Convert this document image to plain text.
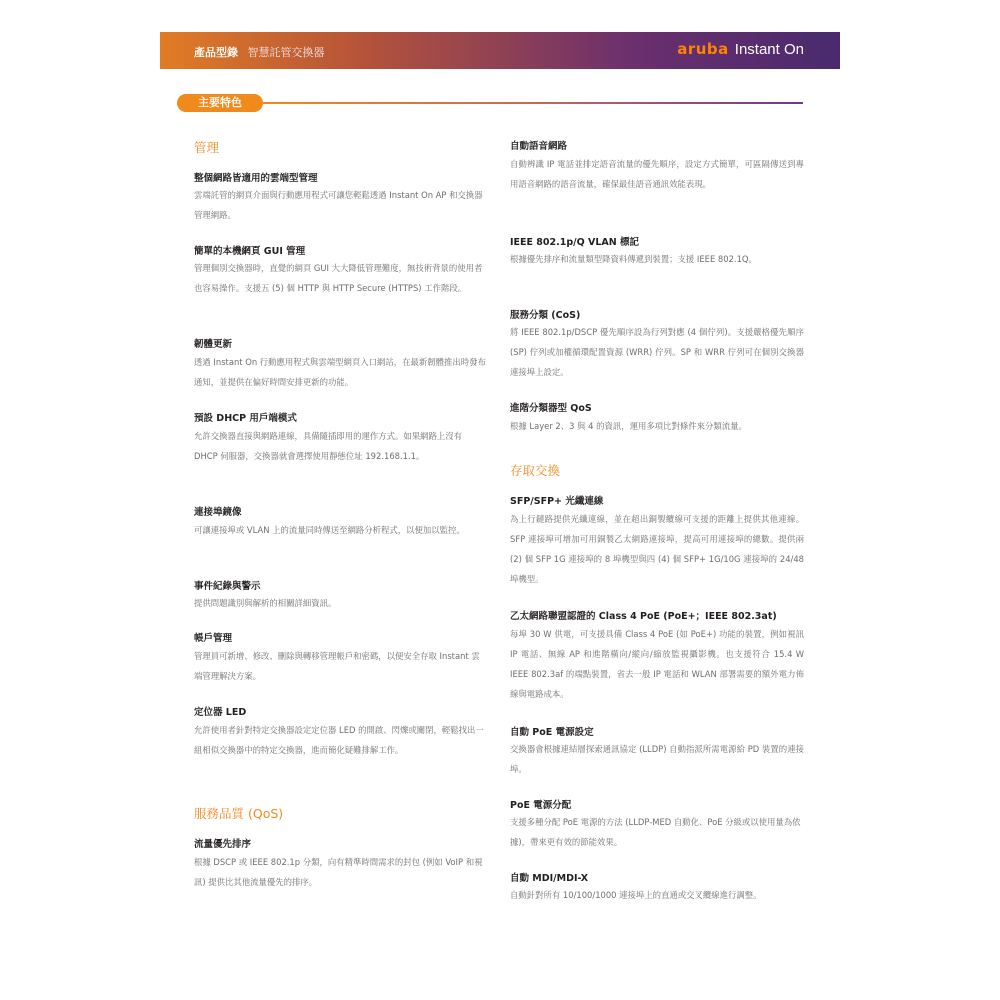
產品型錄 智慧託管交換器	aruba Instant On
主要特色
管理
整個網路皆適用的雲端型管理
雲端託管的網頁介面與行動應用程式可讓您輕鬆透過 Instant On AP 和交換器管理網路。
簡單的本機網頁 GUI 管理
管理個別交換器時，直覺的網頁 GUI 大大降低管理難度，無技術背景的使用者也容易操作。支援五 (5) 個 HTTP 與 HTTP Secure (HTTPS) 工作階段。
韌體更新
透過 Instant On 行動應用程式與雲端型網頁入口網站，在最新韌體推出時發布通知，並提供在偏好時間安排更新的功能。
預設 DHCP 用戶端模式
允許交換器直接與網路連線，具備隨插即用的運作方式。如果網路上沒有 DHCP 伺服器，交換器就會選擇使用靜態位址 192.168.1.1。
連接埠鏡像
可讓連接埠或 VLAN 上的流量同時傳送至網路分析程式，以便加以監控。
事件紀錄與警示
提供問題識別與解析的相關詳細資訊。
帳戶管理
管理員可新增、修改、刪除與轉移管理帳戶和密碼，以便安全存取 Instant 雲端管理解決方案。
定位器 LED
允許使用者針對特定交換器設定定位器 LED 的開啟、閃爍或關閉，輕鬆找出一組相似交換器中的特定交換器，進而簡化疑難排解工作。
服務品質 (QoS)
流量優先排序
根據 DSCP 或 IEEE 802.1p 分類，向有精準時間需求的封包 (例如 VoIP 和視訊) 提供比其他流量優先的排序。
自動語音網路
自動辨識 IP 電話並排定語音流量的優先順序，設定方式簡單，可區隔傳送到專用語音網路的語音流量，確保最佳語音通訊效能表現。
IEEE 802.1p/Q VLAN 標記
根據優先排序和流量類型降資料傳遞到裝置；支援 IEEE 802.1Q。
服務分類 (CoS)
將 IEEE 802.1p/DSCP 優先順序設為行列對應 (4 個佇列)。支援嚴格優先順序 (SP) 佇列或加權循環配置資源 (WRR) 佇列。SP 和 WRR 佇列可在個別交換器連接埠上設定。
進階分類器型 QoS
根據 Layer 2、3 與 4 的資訊，運用多項比對條件來分類流量。
存取交換
SFP/SFP+ 光纖連線
為上行鏈路提供光纖連線，並在超出銅製纜線可支援的距離上提供其他連線。SFP 連接埠可增加可用銅製乙太網路連接埠，提高可用連接埠的總數。提供兩 (2) 個 SFP 1G 連接埠的 8 埠機型與四 (4) 個 SFP+ 1G/10G 連接埠的 24/48 埠機型。
乙太網路聯盟認證的 Class 4 PoE (PoE+；IEEE 802.3at)
每埠 30 W 供電，可支援具備 Class 4 PoE (如 PoE+) 功能的裝置，例如視訊 IP 電話、無線 AP 和進階橫向/縱向/縮放監視攝影機。也支援符合 15.4 W IEEE 802.3af 的端點裝置，省去一般 IP 電話和 WLAN 部署需要的額外電力佈線與電路成本。
自動 PoE 電源設定
交換器會根據連結層探索通訊協定 (LLDP) 自動指派所需電源給 PD 裝置的連接埠。
PoE 電源分配
支援多種分配 PoE 電源的方法 (LLDP-MED 自動化、PoE 分級或以使用量為依據)，帶來更有效的節能效果。
自動 MDI/MDI-X
自動針對所有 10/100/1000 連接埠上的直通或交叉纜線進行調整。
